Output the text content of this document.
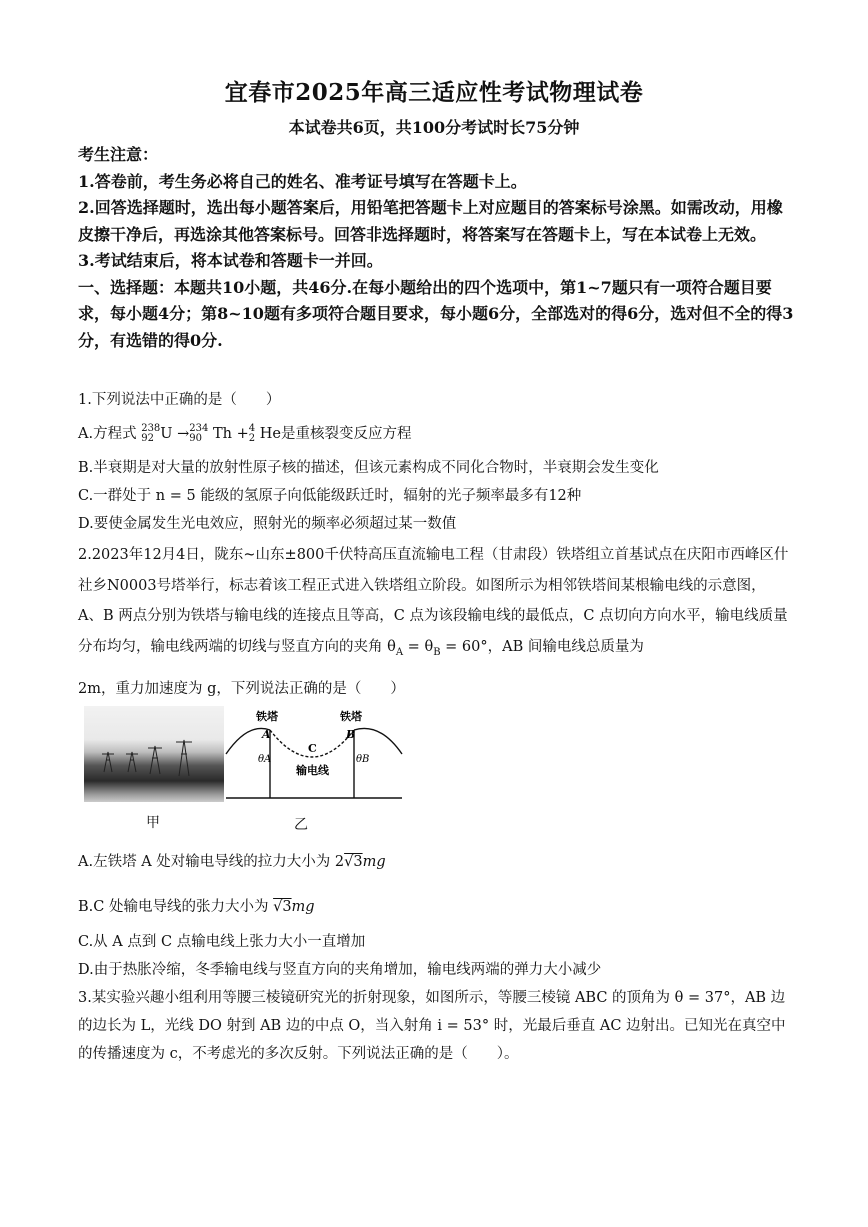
宜春市2025年高三适应性考试物理试卷
本试卷共6页，共100分考试时长75分钟

考生注意：

1.答卷前，考生务必将自己的姓名、准考证号填写在答题卡上。

2.回答选择题时，选出每小题答案后，用铅笔把答题卡上对应题目的答案标号涂黑。如需改动，用橡皮擦干净后，再选涂其他答案标号。回答非选择题时，将答案写在答题卡上，写在本试卷上无效。

3.考试结束后，将本试卷和答题卡一并回。

一、选择题：本题共10小题，共46分.在每小题给出的四个选项中，第1~7题只有一项符合题目要求，每小题4分；第8~10题有多项符合题目要求，每小题6分，全部选对的得6分，选对但不全的得3分，有选错的得0分.

1.下列说法中正确的是（　　）

A.方程式 238
92 U → 234
90 Th + 4
2 He是重核裂变反应方程

B.半衰期是对大量的放射性原子核的描述，但该元素构成不同化合物时，半衰期会发生变化

C.一群处于 n = 5 能级的氢原子向低能级跃迁时，辐射的光子频率最多有12种

D.要使金属发生光电效应，照射光的频率必须超过某一数值

2.2023年12月4日，陇东~山东±800千伏特高压直流输电工程（甘肃段）铁塔组立首基试点在庆阳市西峰区什社乡N0003号塔举行，标志着该工程正式进入铁塔组立阶段。如图所示为相邻铁塔间某根输电线的示意图，A、B 两点分别为铁塔与输电线的连接点且等高，C 点为该段输电线的最低点，C 点切向方向水平，输电线质量分布均匀，输电线两端的切线与竖直方向的夹角 $\theta_A = \theta_B = 60^\circ$，AB 间输电线总质量为

2m，重力加速度为 g，下列说法正确的是（　　）

铁塔	铁塔
A	B
C
θA	θB
输电线
甲	乙

A.左铁塔 A 处对输电导线的拉力大小为 2√3mg

B.C 处输电导线的张力大小为 √3mg

C.从 A 点到 C 点输电线上张力大小一直增加

D.由于热胀冷缩，冬季输电线与竖直方向的夹角增加，输电线两端的弹力大小减少

3.某实验兴趣小组利用等腰三棱镜研究光的折射现象，如图所示，等腰三棱镜 ABC 的顶角为 θ = 37°，AB 边的边长为 L，光线 DO 射到 AB 边的中点 O，当入射角 i = 53° 时，光最后垂直 AC 边射出。已知光在真空中的传播速度为 c，不考虑光的多次反射。下列说法正确的是（　　）。
